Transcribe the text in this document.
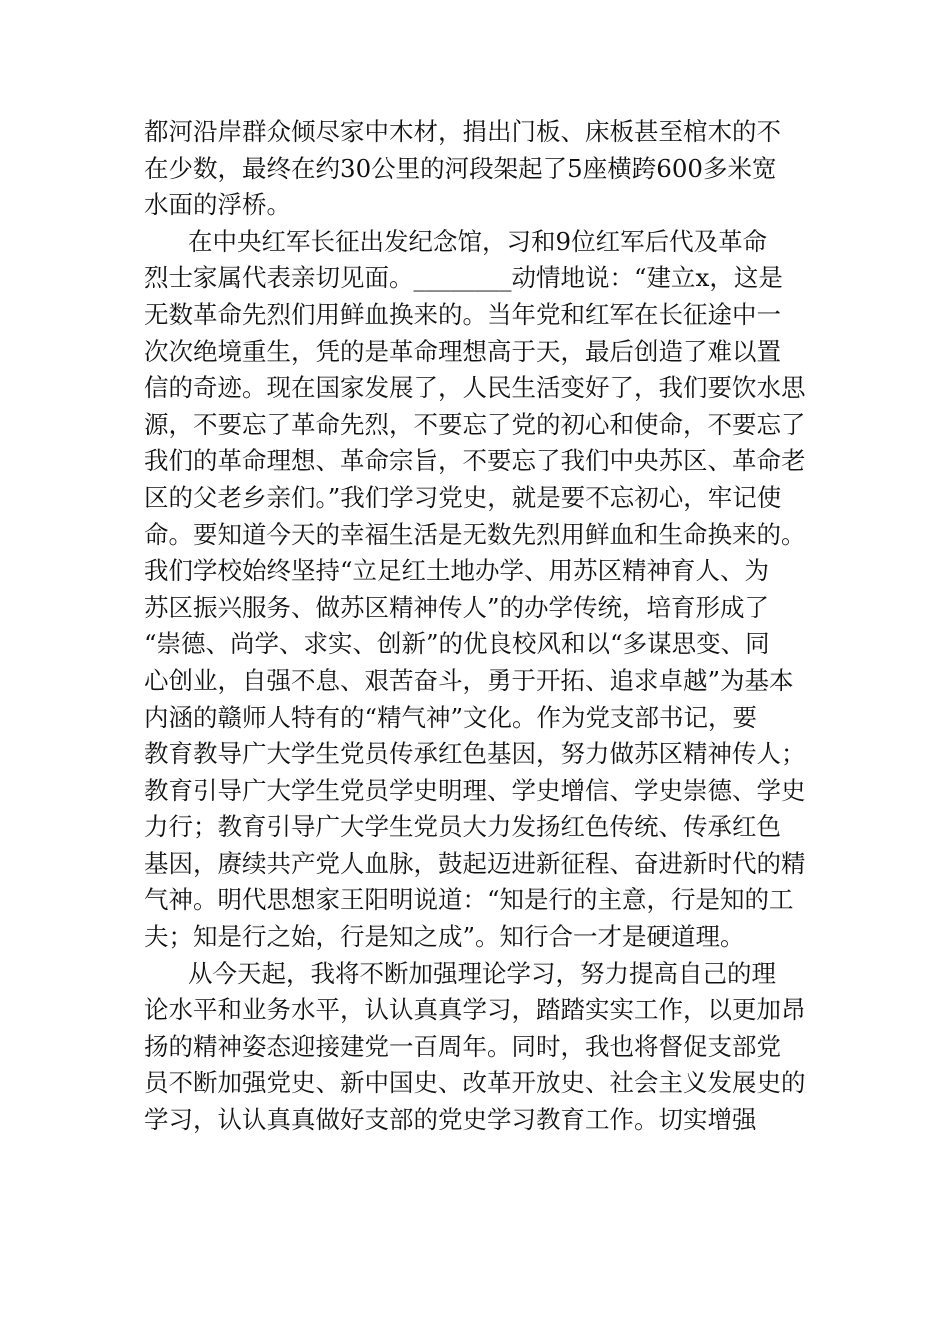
都河沿岸群众倾尽家中木材，捐出门板、床板甚至棺木的不
在少数，最终在约30公里的河段架起了5座横跨600多米宽
水面的浮桥。
在中央红军长征出发纪念馆，习和9位红军后代及革命
烈士家属代表亲切见面。________动情地说：“建立x，这是
无数革命先烈们用鲜血换来的。当年党和红军在长征途中一
次次绝境重生，凭的是革命理想高于天，最后创造了难以置
信的奇迹。现在国家发展了，人民生活变好了，我们要饮水思
源，不要忘了革命先烈，不要忘了党的初心和使命，不要忘了
我们的革命理想、革命宗旨，不要忘了我们中央苏区、革命老
区的父老乡亲们。”我们学习党史，就是要不忘初心，牢记使
命。要知道今天的幸福生活是无数先烈用鲜血和生命换来的。
我们学校始终坚持“立足红土地办学、用苏区精神育人、为
苏区振兴服务、做苏区精神传人”的办学传统，培育形成了
“崇德、尚学、求实、创新”的优良校风和以“多谋思变、同
心创业，自强不息、艰苦奋斗，勇于开拓、追求卓越”为基本
内涵的赣师人特有的“精气神”文化。作为党支部书记，要
教育教导广大学生党员传承红色基因，努力做苏区精神传人；
教育引导广大学生党员学史明理、学史增信、学史崇德、学史
力行；教育引导广大学生党员大力发扬红色传统、传承红色
基因，赓续共产党人血脉，鼓起迈进新征程、奋进新时代的精
气神。明代思想家王阳明说道：“知是行的主意，行是知的工
夫；知是行之始，行是知之成”。知行合一才是硬道理。
从今天起，我将不断加强理论学习，努力提高自己的理
论水平和业务水平，认认真真学习，踏踏实实工作，以更加昂
扬的精神姿态迎接建党一百周年。同时，我也将督促支部党
员不断加强党史、新中国史、改革开放史、社会主义发展史的
学习，认认真真做好支部的党史学习教育工作。切实增强
